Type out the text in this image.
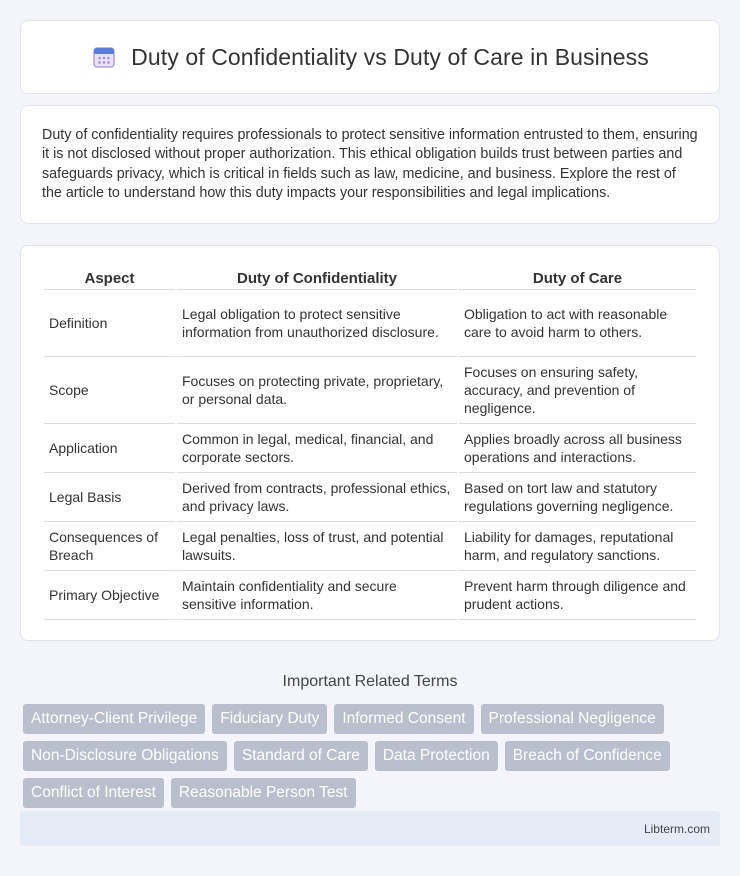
Duty of Confidentiality vs Duty of Care in Business

Duty of confidentiality requires professionals to protect sensitive information entrusted to them, ensuring it is not disclosed without proper authorization. This ethical obligation builds trust between parties and safeguards privacy, which is critical in fields such as law, medicine, and business. Explore the rest of the article to understand how this duty impacts your responsibilities and legal implications.

Aspect	Duty of Confidentiality	Duty of Care
Definition	Legal obligation to protect sensitive information from unauthorized disclosure.	Obligation to act with reasonable care to avoid harm to others.
Scope	Focuses on protecting private, proprietary, or personal data.	Focuses on ensuring safety, accuracy, and prevention of negligence.
Application	Common in legal, medical, financial, and corporate sectors.	Applies broadly across all business operations and interactions.
Legal Basis	Derived from contracts, professional ethics, and privacy laws.	Based on tort law and statutory regulations governing negligence.
Consequences of Breach	Legal penalties, loss of trust, and potential lawsuits.	Liability for damages, reputational harm, and regulatory sanctions.
Primary Objective	Maintain confidentiality and secure sensitive information.	Prevent harm through diligence and prudent actions.
Important Related Terms
Attorney-Client Privilege	Fiduciary Duty	Informed Consent	Professional Negligence
Non-Disclosure Obligations	Standard of Care	Data Protection	Breach of Confidence
Conflict of Interest	Reasonable Person Test
Libterm.com
